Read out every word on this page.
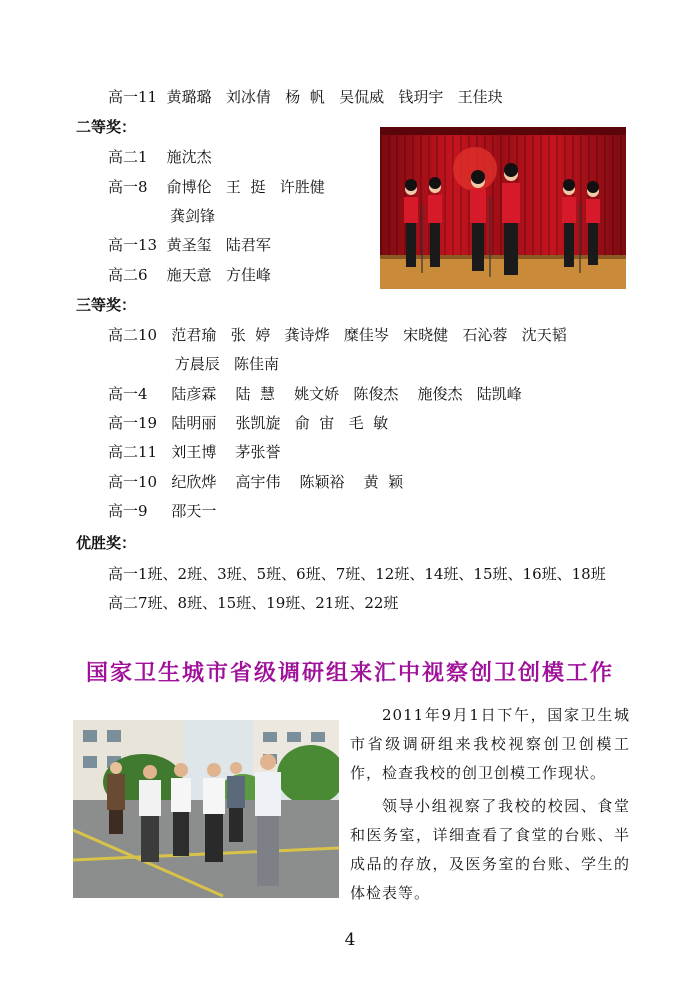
高一11  黄璐璐   刘冰倩   杨  帆   吴侃威   钱玥宇   王佳玦
二等奖：
高二1    施沈杰
高一8    俞博伦   王  挺   许胜健
龚剑锋
高一13  黄圣玺   陆君军
高二6    施天意   方佳峰
三等奖：
高二10   范君瑜   张  婷   龚诗烨   糜佳岑   宋晓健   石沁蓉   沈天韬
方晨辰   陈佳南
高一4     陆彦霖    陆  慧    姚文娇   陈俊杰    施俊杰   陆凯峰
高一19   陆明丽    张凯旋   俞  宙   毛  敏
高二11   刘王博    茅张誉
高一10   纪欣烨    高宇伟    陈颖裕    黄  颖
高一9     邵天一
优胜奖：
高一1班、2班、3班、5班、6班、7班、12班、14班、15班、16班、18班
高二7班、8班、15班、19班、21班、22班
国家卫生城市省级调研组来汇中视察创卫创模工作
2011年9月1日下午，国家卫生城市省级调研组来我校视察创卫创模工作，检查我校的创卫创模工作现状。
领导小组视察了我校的校园、食堂和医务室，详细查看了食堂的台账、半成品的存放，及医务室的台账、学生的体检表等。
4
